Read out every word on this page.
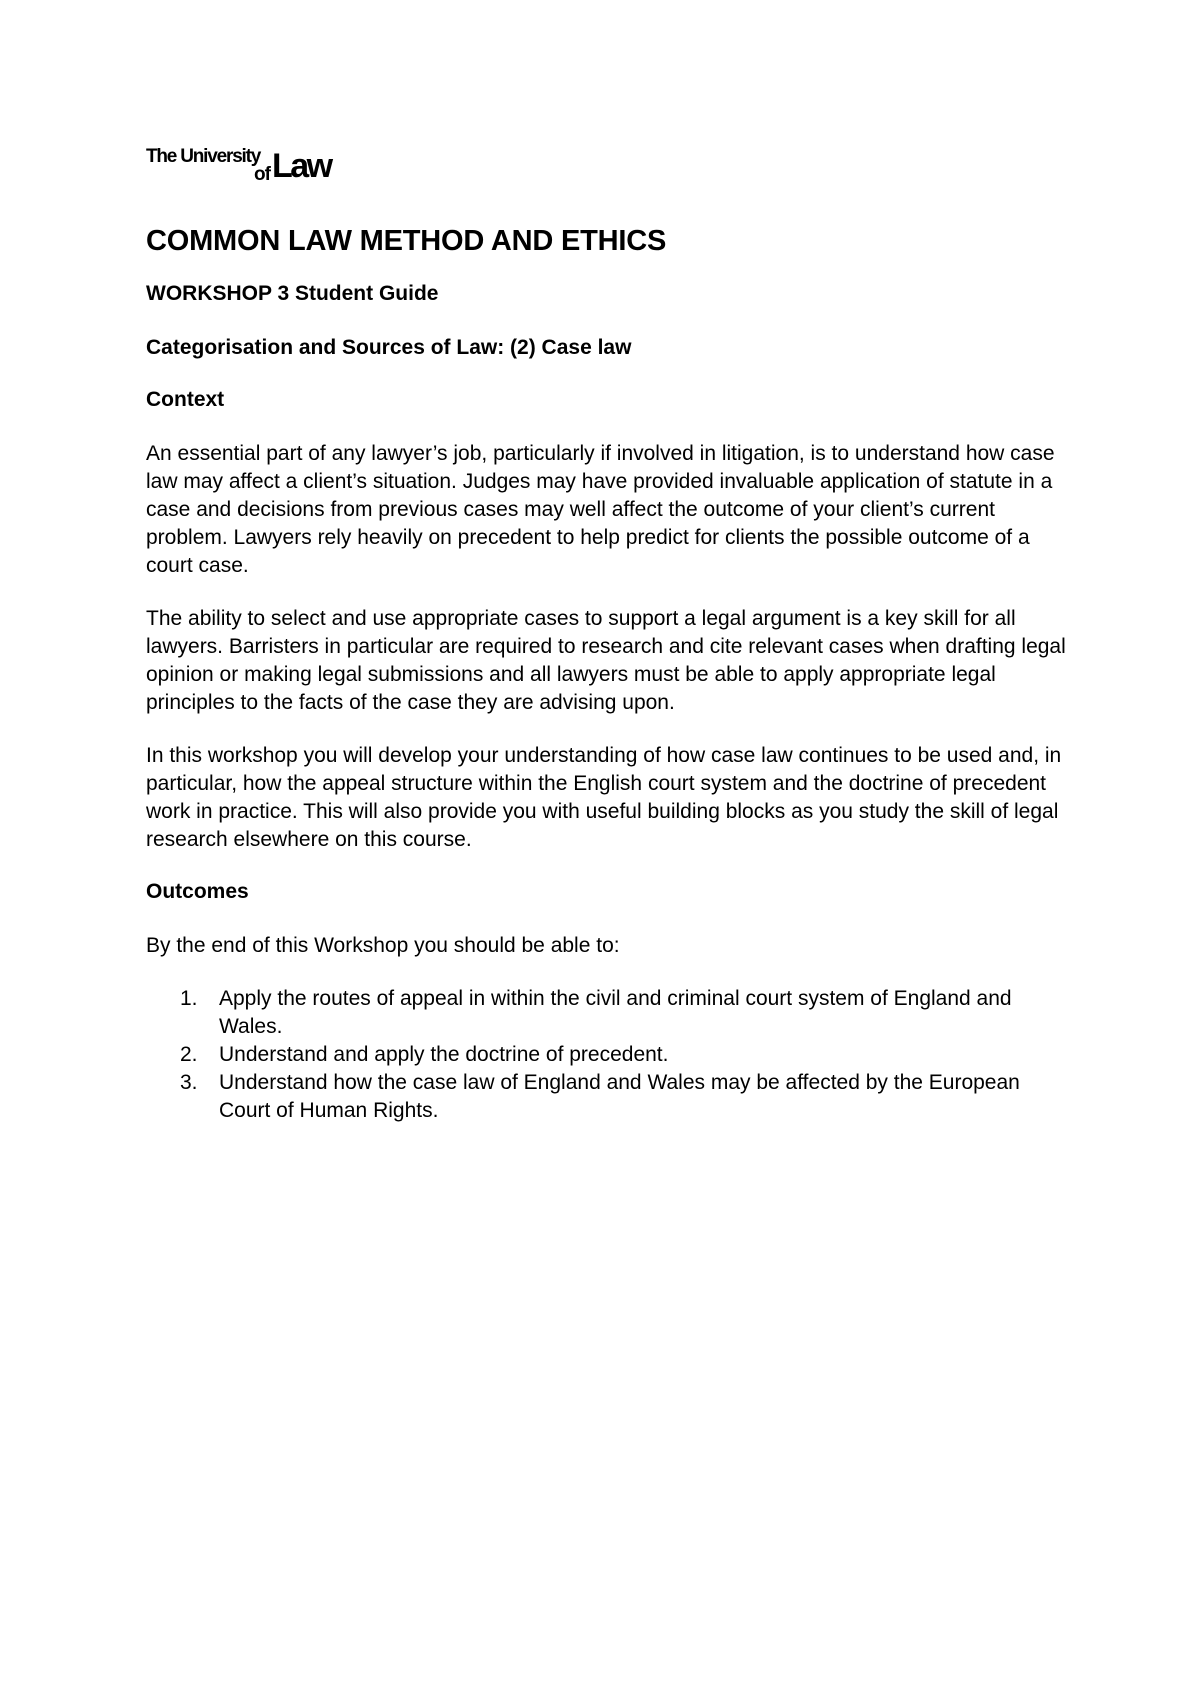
The University
of Law
COMMON LAW METHOD AND ETHICS
WORKSHOP 3 Student Guide
Categorisation and Sources of Law: (2) Case law
Context

An essential part of any lawyer’s job, particularly if involved in litigation, is to understand how case law may affect a client’s situation. Judges may have provided invaluable application of statute in a case and decisions from previous cases may well affect the outcome of your client’s current problem. Lawyers rely heavily on precedent to help predict for clients the possible outcome of a court case.

The ability to select and use appropriate cases to support a legal argument is a key skill for all lawyers. Barristers in particular are required to research and cite relevant cases when drafting legal opinion or making legal submissions and all lawyers must be able to apply appropriate legal principles to the facts of the case they are advising upon.

In this workshop you will develop your understanding of how case law continues to be used and, in particular, how the appeal structure within the English court system and the doctrine of precedent work in practice. This will also provide you with useful building blocks as you study the skill of legal research elsewhere on this course.

Outcomes

By the end of this Workshop you should be able to:

1. Apply the routes of appeal in within the civil and criminal court system of England and Wales.
2. Understand and apply the doctrine of precedent.
3. Understand how the case law of England and Wales may be affected by the European Court of Human Rights.
